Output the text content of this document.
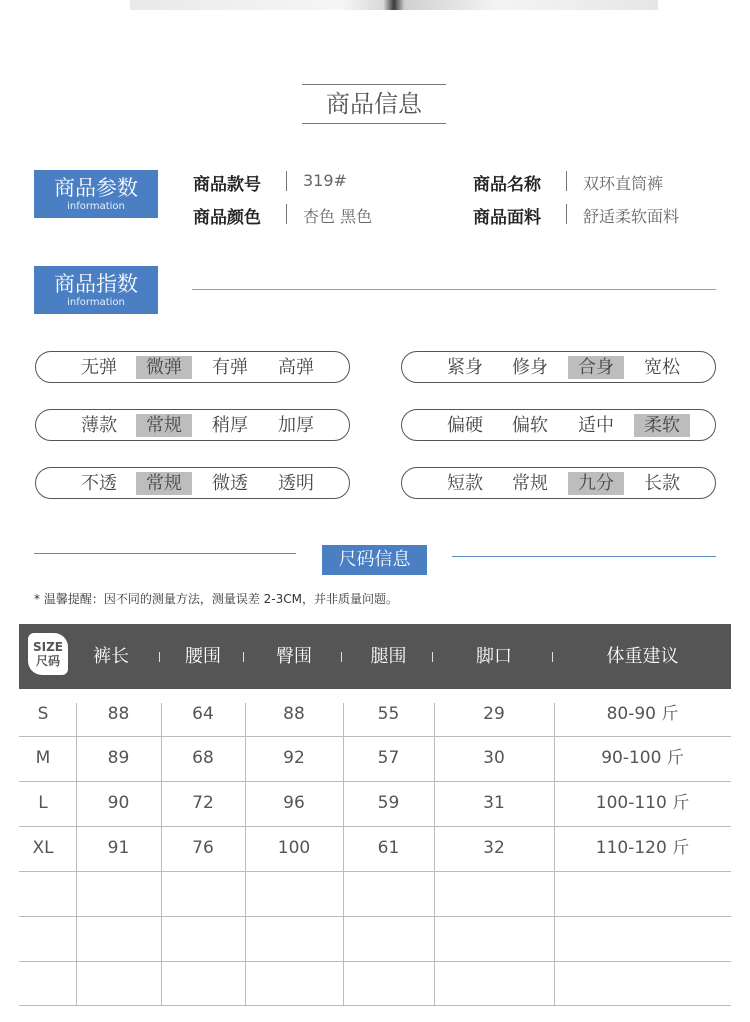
商品信息
商品参数
information
商品款号	319#	商品名称	双环直筒裤
商品颜色	杏色 黑色	商品面料	舒适柔软面料
商品指数
information
无弹	微弹	有弹	高弹	紧身	修身	合身	宽松
薄款	常规	稍厚	加厚	偏硬	偏软	适中	柔软
不透	常规	微透	透明	短款	常规	九分	长款
尺码信息
* 温馨提醒：因不同的测量方法，测量误差 2-3CM，并非质量问题。
SIZE
尺码	裤长	腰围	臀围	腿围	脚口	体重建议
S	88	64	88	55	29	80-90 斤
M	89	68	92	57	30	90-100 斤
L	90	72	96	59	31	100-110 斤
XL	91	76	100	61	32	110-120 斤
